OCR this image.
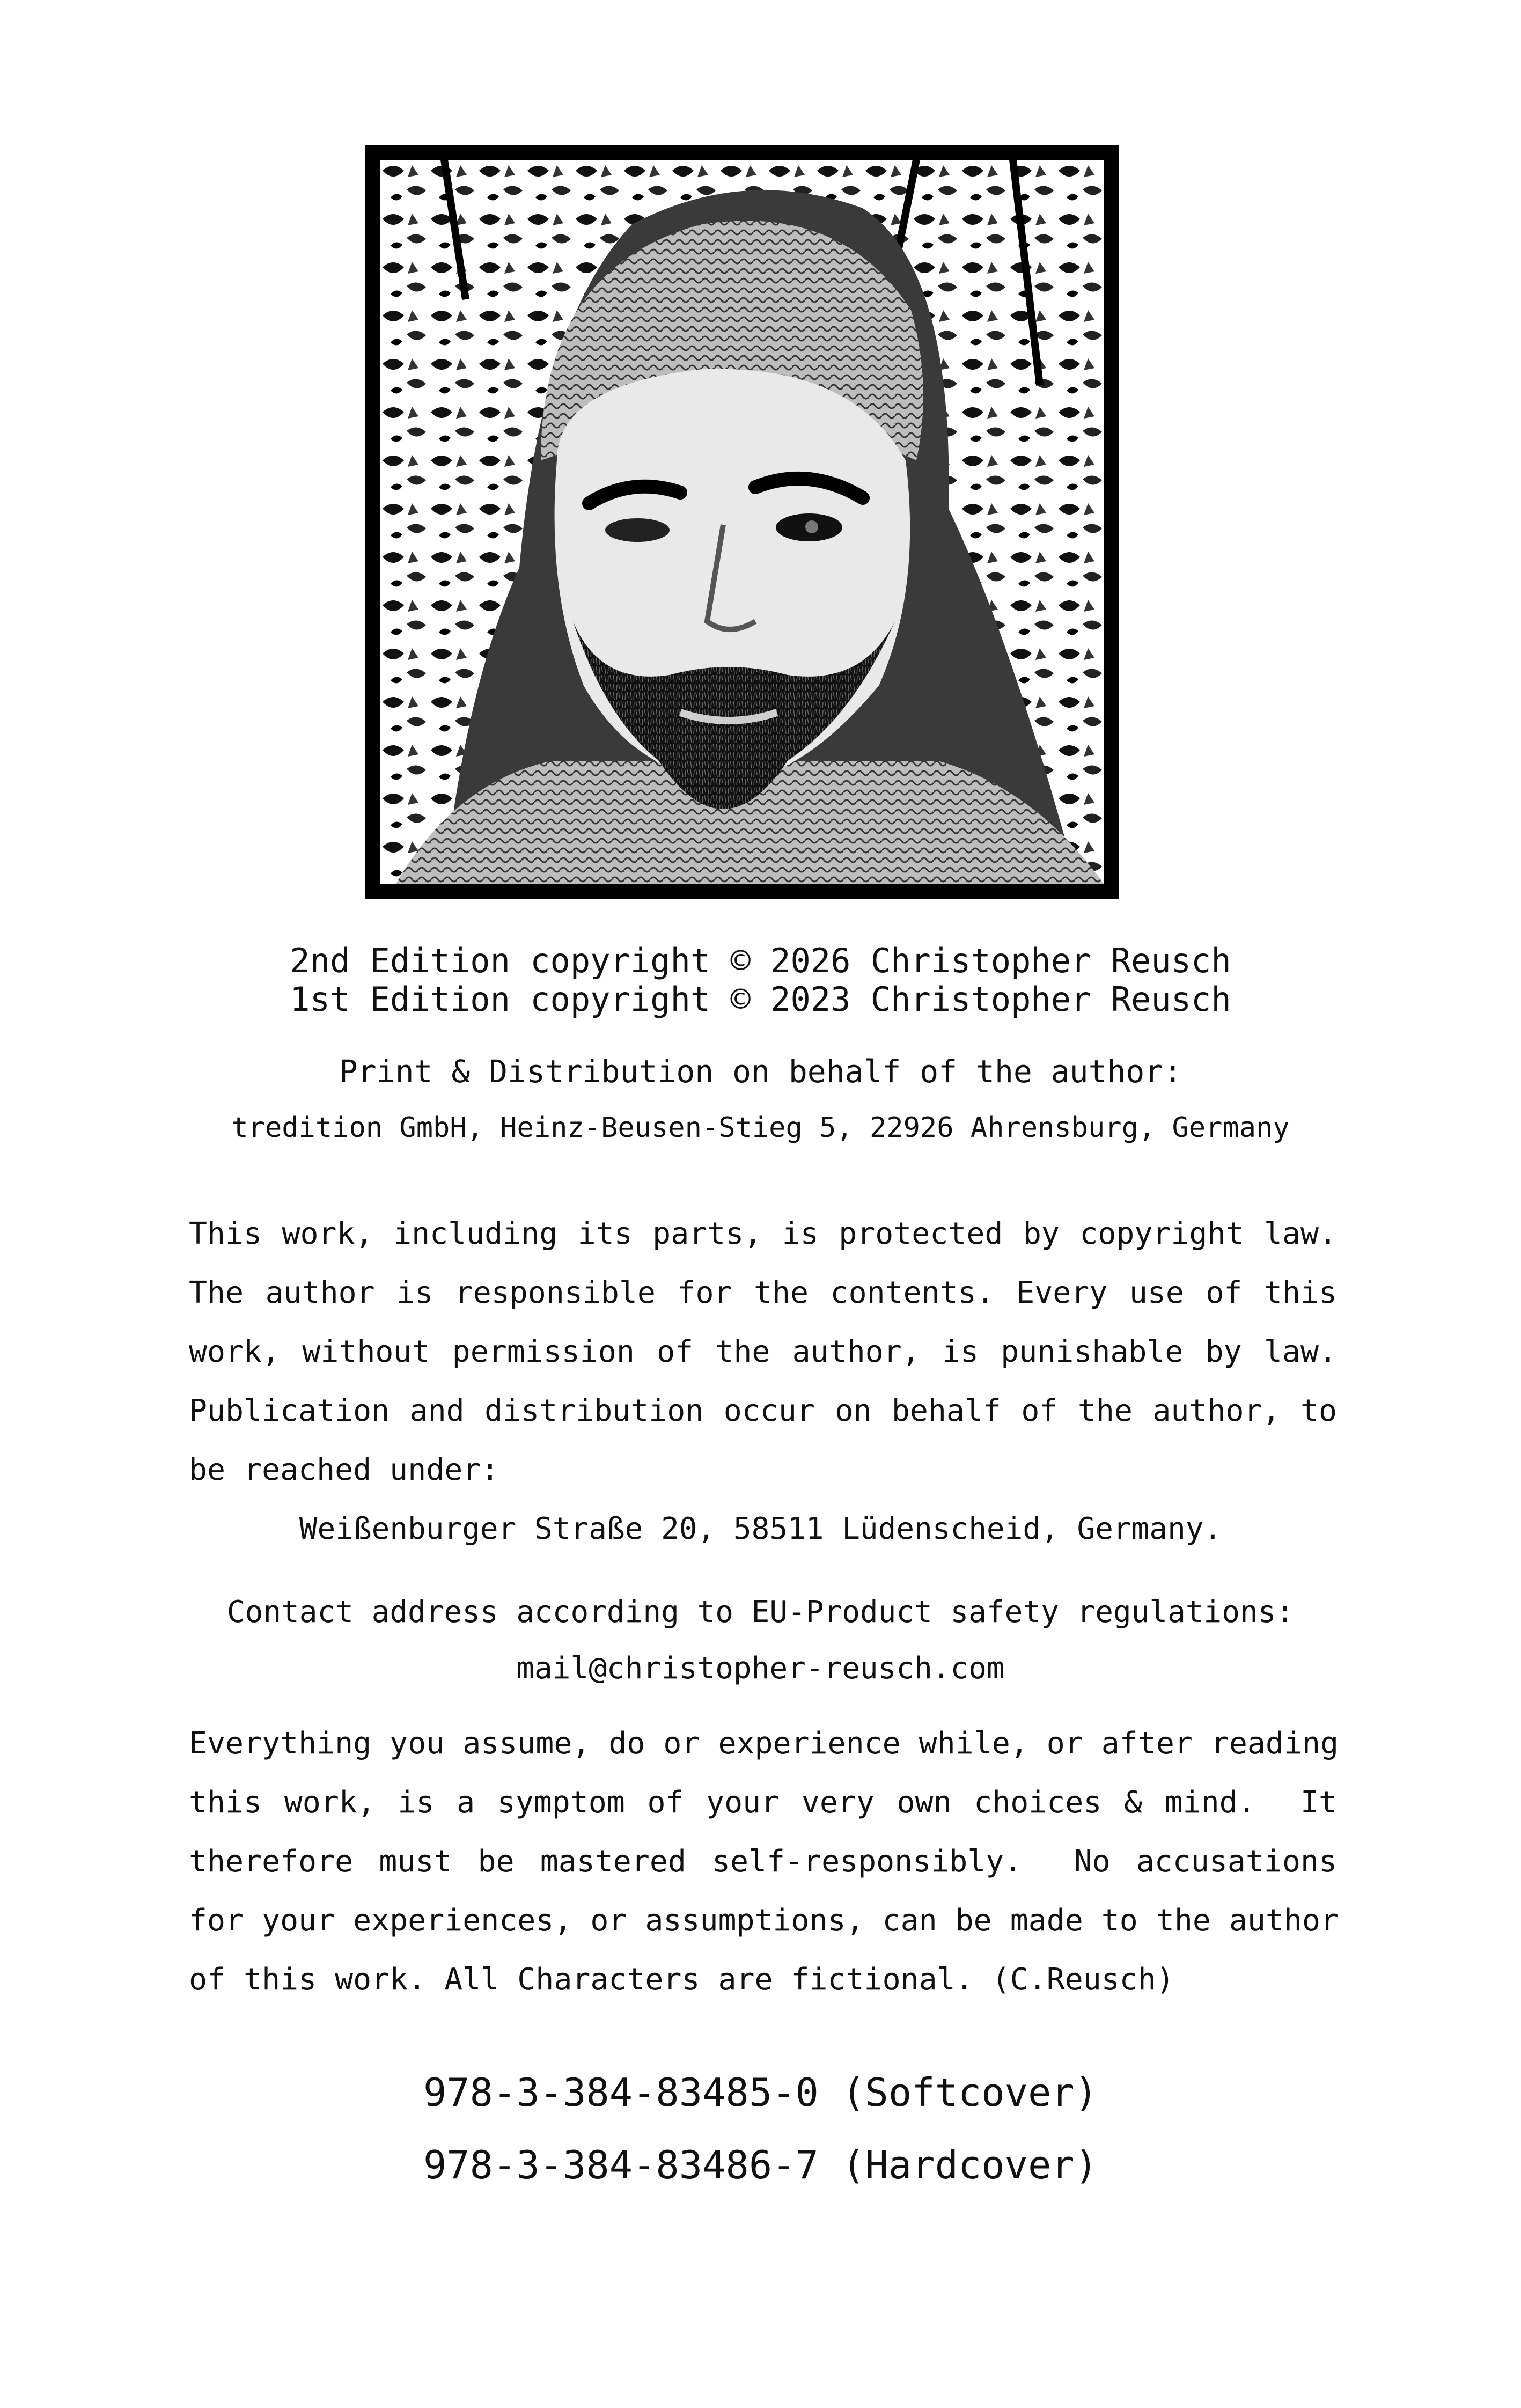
2nd Edition copyright © 2026 Christopher Reusch
1st Edition copyright © 2023 Christopher Reusch
Print & Distribution on behalf of the author:
tredition GmbH, Heinz-Beusen-Stieg 5, 22926 Ahrensburg, Germany
This work, including its parts, is protected by copyright law.
The author is responsible for the contents. Every use of this
work, without permission of the author, is punishable by law.
Publication and distribution occur on behalf of the author, to
be reached under:
Weißenburger Straße 20, 58511 Lüdenscheid, Germany.
Contact address according to EU-Product safety regulations:
mail@christopher-reusch.com
Everything you assume, do or experience while, or after reading
this work, is a symptom of your very own choices & mind.  It
therefore must be mastered self-responsibly.  No accusations
for your experiences, or assumptions, can be made to the author
of this work. All Characters are fictional. (C.Reusch)
978-3-384-83485-0 (Softcover)
978-3-384-83486-7 (Hardcover)
